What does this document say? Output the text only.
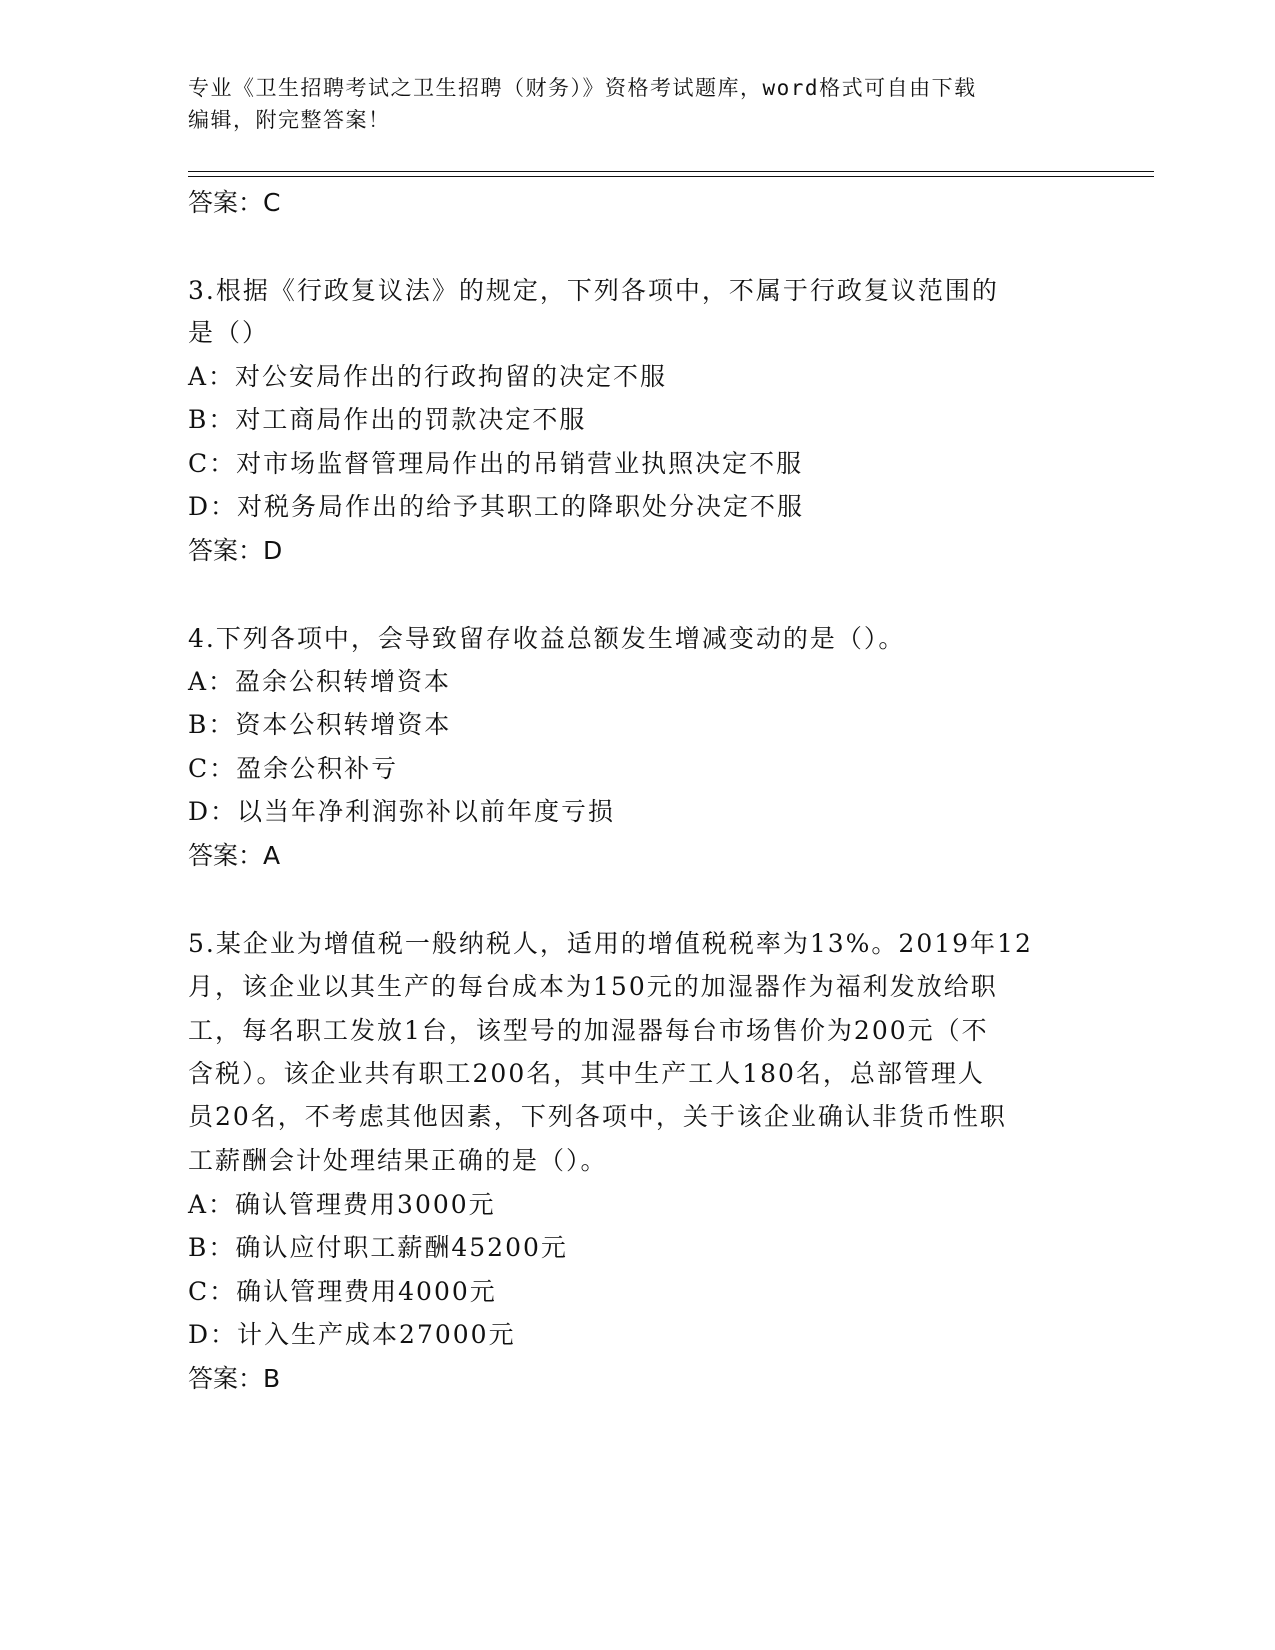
专业《卫生招聘考试之卫生招聘（财务）》资格考试题库，word格式可自由下载
编辑，附完整答案！
答案：C
3.根据《行政复议法》的规定，下列各项中，不属于行政复议范围的
是（）
A：对公安局作出的行政拘留的决定不服
B：对工商局作出的罚款决定不服
C：对市场监督管理局作出的吊销营业执照决定不服
D：对税务局作出的给予其职工的降职处分决定不服
答案：D
4.下列各项中，会导致留存收益总额发生增减变动的是（）。
A：盈余公积转增资本
B：资本公积转增资本
C：盈余公积补亏
D：以当年净利润弥补以前年度亏损
答案：A
5.某企业为增值税一般纳税人，适用的增值税税率为13%。2019年12
月，该企业以其生产的每台成本为150元的加湿器作为福利发放给职
工，每名职工发放1台，该型号的加湿器每台市场售价为200元（不
含税）。该企业共有职工200名，其中生产工人180名，总部管理人
员20名，不考虑其他因素，下列各项中，关于该企业确认非货币性职
工薪酬会计处理结果正确的是（）。
A：确认管理费用3000元
B：确认应付职工薪酬45200元
C：确认管理费用4000元
D：计入生产成本27000元
答案：B
